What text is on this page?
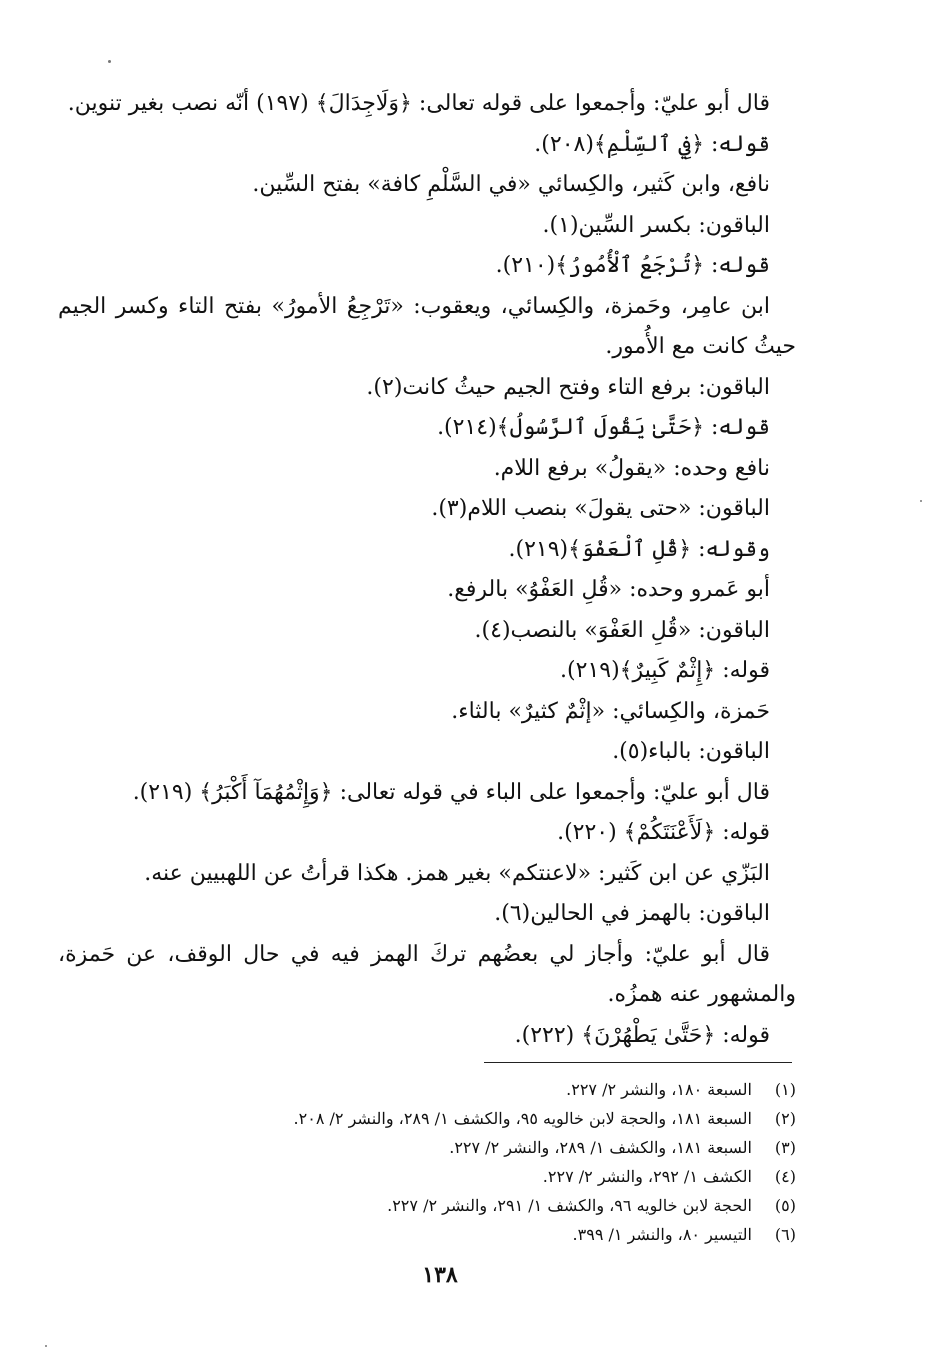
قال أبو عليّ: وأجمعوا على قوله تعالى: ﴿وَلَاجِدَالَ﴾ (١٩٧) أنّه نصب بغير تنوين.
قوله: ﴿فِي ٱلسِّلْمِ﴾(٢٠٨).
نافع، وابن كَثير، والكِسائي «في السَّلْمِ كافة» بفتح السِّين.
الباقون: بكسر السِّين(١).
قوله: ﴿تُرْجَعُ ٱلْأُمُورُ﴾(٢١٠).
ابن عامِر، وحَمزة، والكِسائي، ويعقوب: «تَرْجِعُ الأمورُ» بفتح التاء وكسر الجيم
حيثُ كانت مع الأُمور.
الباقون: برفع التاء وفتح الجيم حيثُ كانت(٢).
قوله: ﴿حَتَّىٰ يَقُولَ ٱلرَّسُولُ﴾(٢١٤).
نافع وحده: «يقولُ» برفع اللام.
الباقون: «حتى يقولَ» بنصب اللام(٣).
وقوله: ﴿قُلِ ٱلْعَفْوَ﴾(٢١٩).
أبو عَمرو وحده: «قُلِ العَفْوُ» بالرفع.
الباقون: «قُلِ العَفْوَ» بالنصب(٤).
قوله: ﴿إِثْمٌ كَبِيرٌ﴾(٢١٩).
حَمزة، والكِسائي: «إثْمٌ كثيرٌ» بالثاء.
الباقون: بالباء(٥).
قال أبو عليّ: وأجمعوا على الباء في قوله تعالى: ﴿وَإِثْمُهُمَآ أَكْبَرُ﴾ (٢١٩).
قوله: ﴿لَأَعْنَتَكُمْ﴾ (٢٢٠).
البَزّي عن ابن كَثير: «لاعنتكم» بغير همز. هكذا قرأتُ عن اللهبيين عنه.
الباقون: بالهمز في الحالين(٦).
قال أبو عليّ: وأجاز لي بعضُهم تركَ الهمز فيه في حال الوقف، عن حَمزة،
والمشهور عنه همزُه.
قوله: ﴿حَتَّىٰ يَطْهُرْنَ﴾ (٢٢٢).
(١)السبعة ١٨٠، والنشر ٢/ ٢٢٧.
(٢)السبعة ١٨١، والحجة لابن خالويه ٩٥، والكشف ١/ ٢٨٩، والنشر ٢/ ٢٠٨.
(٣)السبعة ١٨١، والكشف ١/ ٢٨٩، والنشر ٢/ ٢٢٧.
(٤)الكشف ١/ ٢٩٢، والنشر ٢/ ٢٢٧.
(٥)الحجة لابن خالويه ٩٦، والكشف ١/ ٢٩١، والنشر ٢/ ٢٢٧.
(٦)التيسير ٨٠، والنشر ١/ ٣٩٩.
١٣٨
